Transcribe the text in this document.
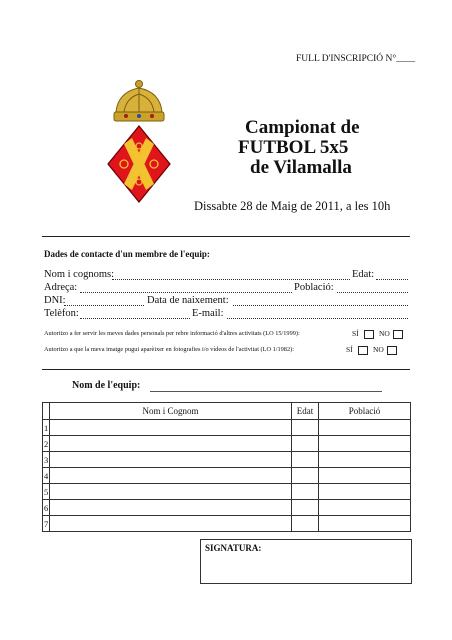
FULL D'INSCRIPCIÓ N°____
Campionat de
FUTBOL 5x5
de Vilamalla
Dissabte 28 de Maig de 2011, a les 10h
Dades de contacte d'un membre de l'equip:
Nom i cognoms:	Edat:
Adreça:	Població:
DNI:	Data de naixement:
Telèfon:	E-mail:
Autoritzo a fer servir les meves dades personals per rebre informació d'altres activitats (LO 15/1999):	SÍ	NO
Autoritzo a que la meva imatge pugui aparèixer en fotografies i/o vídeos de l'activitat (LO 1/1982):	SÍ	NO
Nom de l'equip:
	Nom i Cognom	Edat	Població
1			
2			
3			
4			
5			
6			
7			
SIGNATURA:
